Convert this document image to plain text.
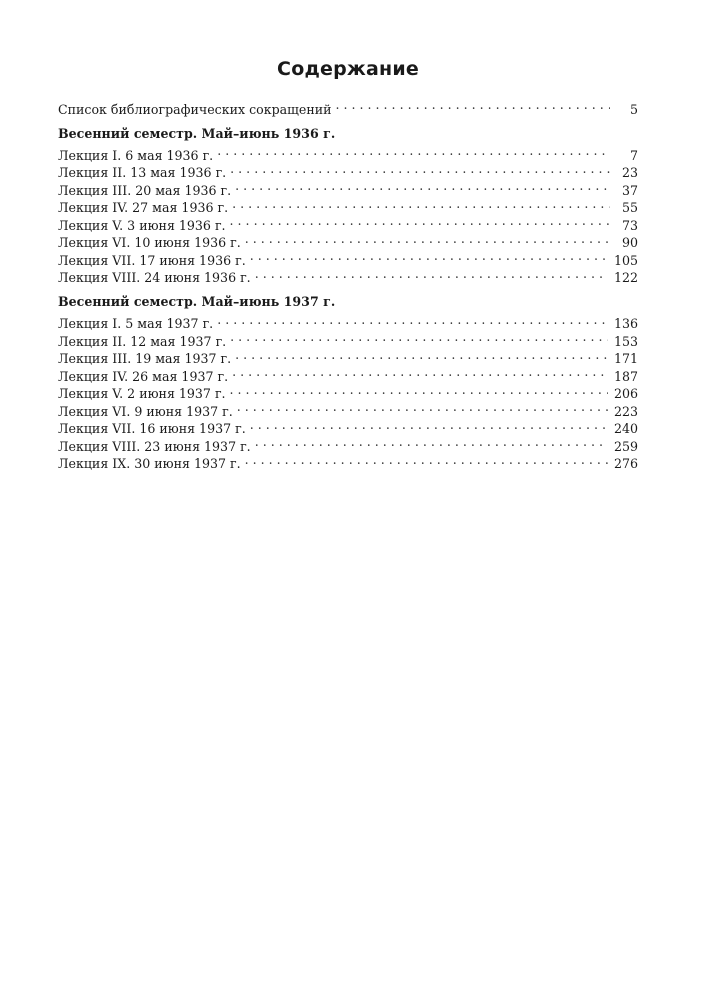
Содержание
Список библиографических сокращений . . .	5
Весенний семестр. Май–июнь 1936 г.
Лекция I. 6 мая 1936 г. . . .	7
Лекция II. 13 мая 1936 г. . . .	23
Лекция III. 20 мая 1936 г. . . .	37
Лекция IV. 27 мая 1936 г. . . .	55
Лекция V. 3 июня 1936 г. . . .	73
Лекция VI. 10 июня 1936 г. . . .	90
Лекция VII. 17 июня 1936 г. . . .	105
Лекция VIII. 24 июня 1936 г. . . .	122
Весенний семестр. Май–июнь 1937 г.
Лекция I. 5 мая 1937 г. . . .	136
Лекция II. 12 мая 1937 г. . . .	153
Лекция III. 19 мая 1937 г. . . .	171
Лекция IV. 26 мая 1937 г. . . .	187
Лекция V. 2 июня 1937 г. . . .	206
Лекция VI. 9 июня 1937 г. . . .	223
Лекция VII. 16 июня 1937 г. . . .	240
Лекция VIII. 23 июня 1937 г. . . .	259
Лекция IX. 30 июня 1937 г. . . .	276
